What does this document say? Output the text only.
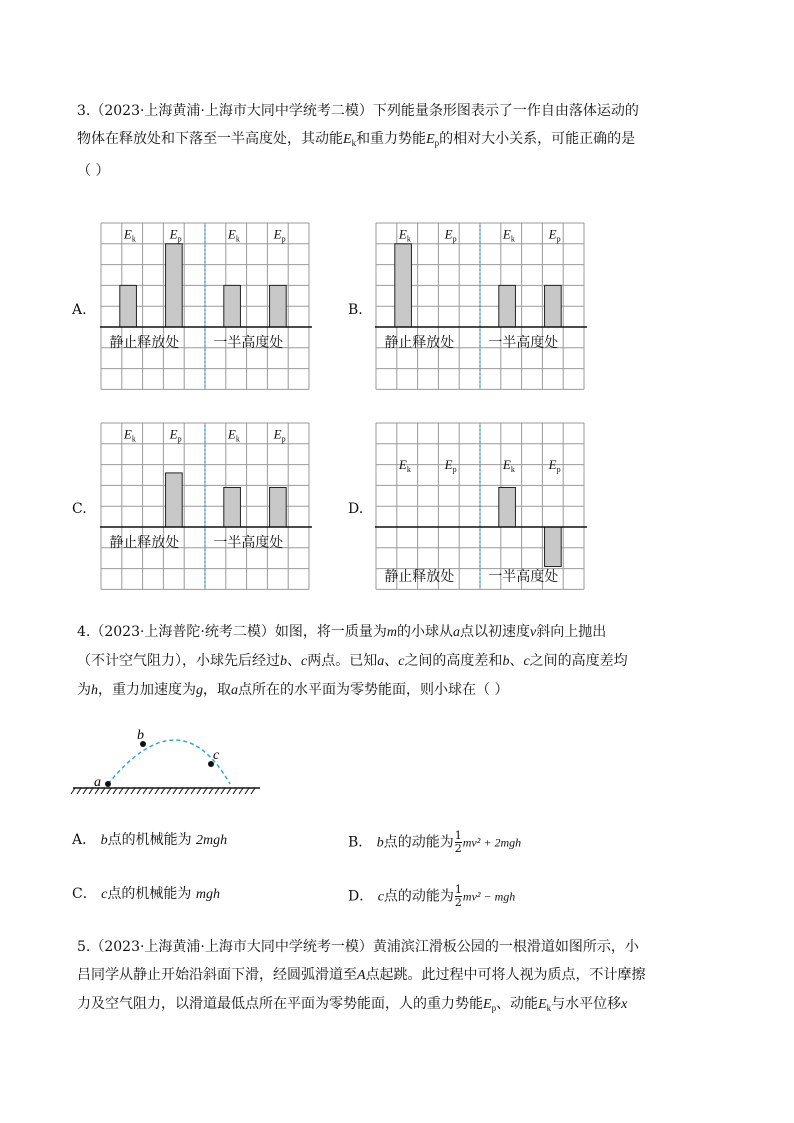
3.（2023·上海黄浦·上海市大同中学统考二模）下列能量条形图表示了一作自由落体运动的
物体在释放处和下落至一半高度处，其动能$E_k$和重力势能$E_p$的相对大小关系，可能正确的是
（ ）
A.
$E_k$	$E_p$	$E_k$	$E_p$
静止释放处 一半高度处
B.
$E_k$	$E_p$	$E_k$	$E_p$
静止释放处 一半高度处
C.
$E_k$	$E_p$	$E_k$	$E_p$
静止释放处 一半高度处
D.
$E_k$	$E_p$	$E_k$	$E_p$
静止释放处 一半高度处
4.（2023·上海普陀·统考二模）如图，将一质量为m的小球从a点以初速度v斜向上抛出
（不计空气阻力），小球先后经过b、c两点。已知a、c之间的高度差和b、c之间的高度差均
为h，重力加速度为g，取a点所在的水平面为零势能面，则小球在（ ）
a
b
c
A． b点的机械能为 2mgh	B． b点的动能为 $\frac{1}{2} mv^2 + 2mgh$
C． c点的机械能为 mgh	D． c点的动能为 $\frac{1}{2} mv^2$ − mgh
5.（2023·上海黄浦·上海市大同中学统考一模）黄浦滨江滑板公园的一根滑道如图所示，小
吕同学从静止开始沿斜面下滑，经圆弧滑道至A点起跳。此过程中可将人视为质点，不计摩擦
力及空气阻力，以滑道最低点所在平面为零势能面，人的重力势能$E_p$、动能$E_k$与水平位移x
